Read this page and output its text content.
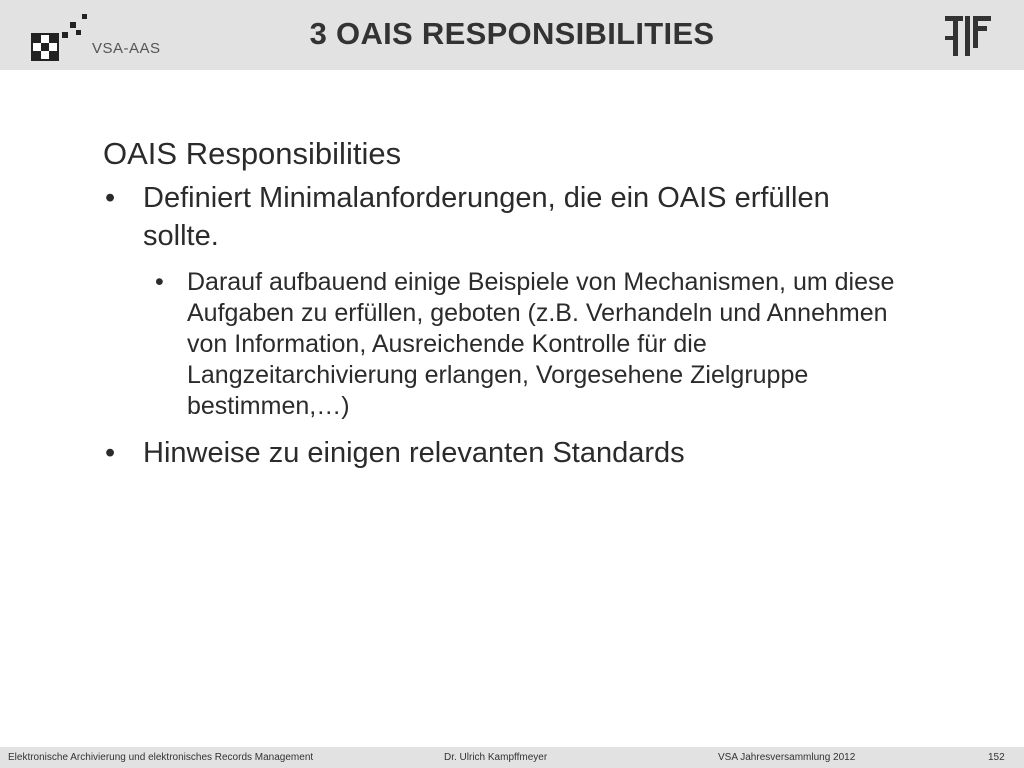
VSA-AAS	3 OAIS RESPONSIBILITIES

OAIS Responsibilities

• Definiert Minimalanforderungen, die ein OAIS erfüllen sollte.
• Darauf aufbauend einige Beispiele von Mechanismen, um diese Aufgaben zu erfüllen, geboten (z.B. Verhandeln und Annehmen von Information, Ausreichende Kontrolle für die Langzeitarchivierung erlangen, Vorgesehene Zielgruppe bestimmen,…)
• Hinweise zu einigen relevanten Standards
Elektronische Archivierung und elektronisches Records Management	Dr. Ulrich Kampffmeyer	VSA Jahresversammlung 2012	152
